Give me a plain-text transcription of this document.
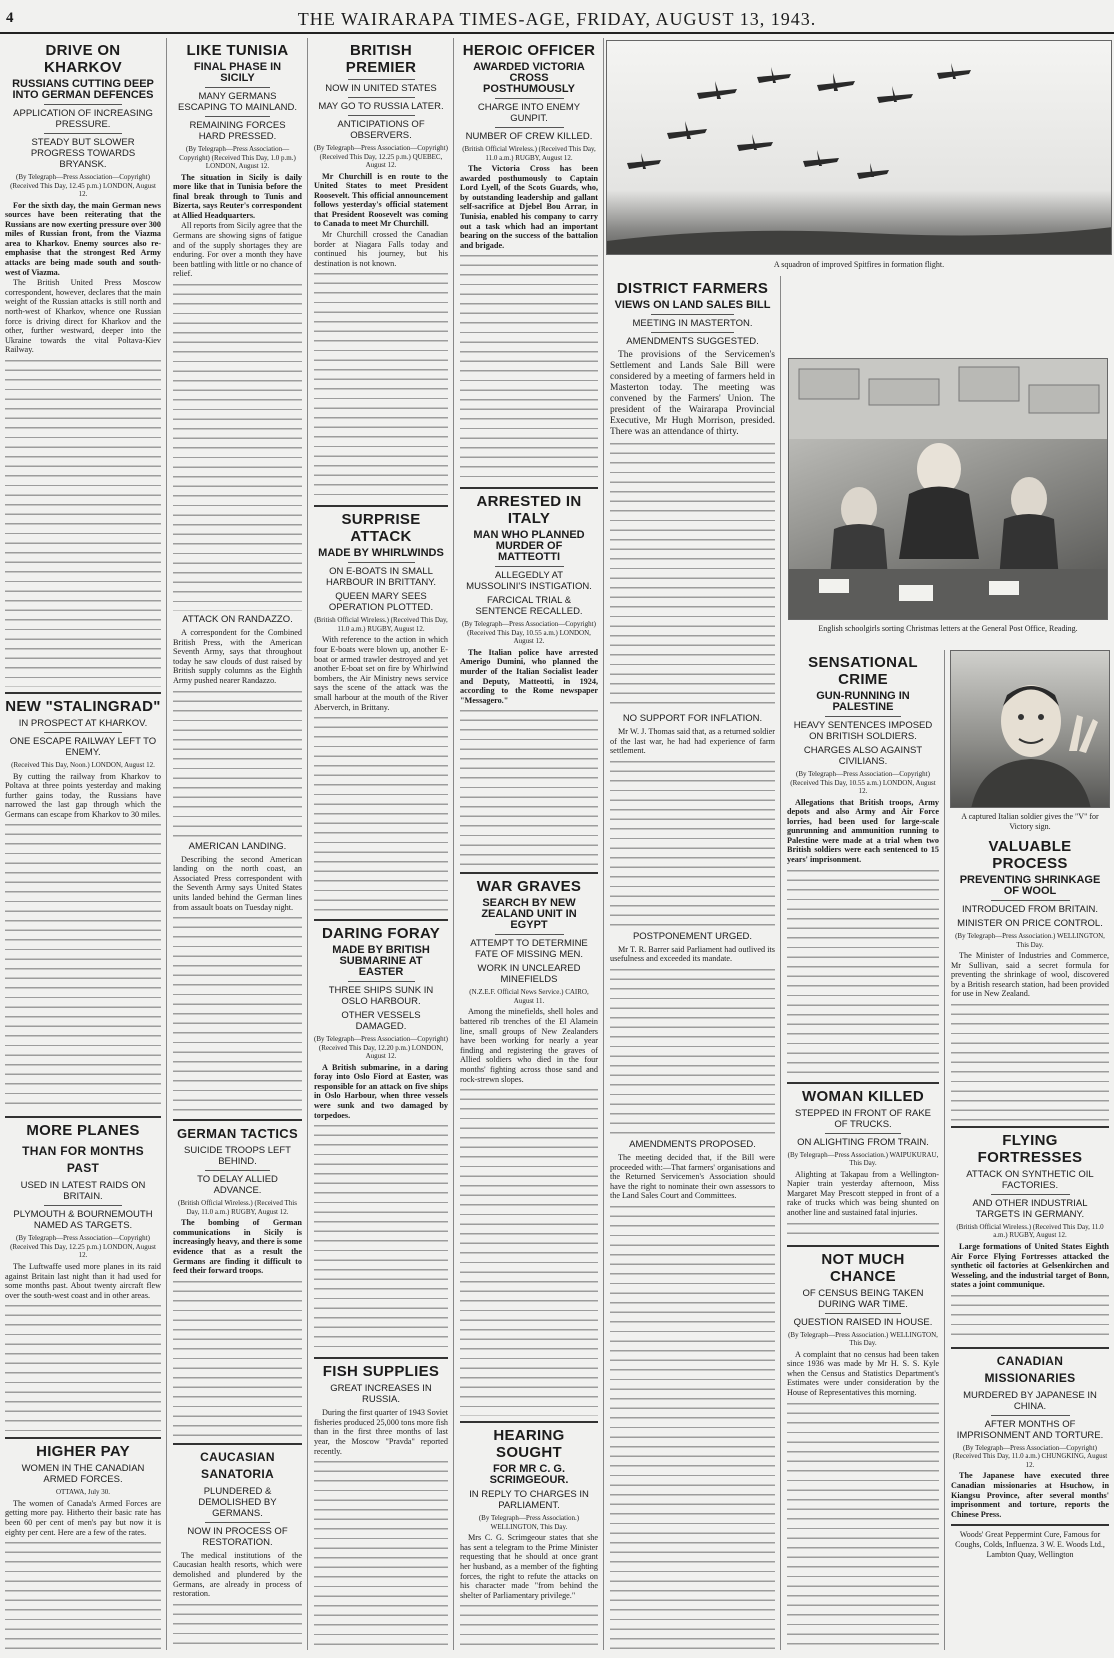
4	THE WAIRARAPA TIMES-AGE, FRIDAY, AUGUST 13, 1943.
DRIVE ON KHARKOV
RUSSIANS CUTTING DEEP INTO GERMAN DEFENCES
APPLICATION OF INCREASING PRESSURE.
STEADY BUT SLOWER PROGRESS TOWARDS BRYANSK.
(By Telegraph—Press Association—Copyright) (Received This Day, 12.45 p.m.) LONDON, August 12.

For the sixth day, the main German news sources have been reiterating that the Russians are now exerting pressure over 300 miles of Russian front, from the Viazma area to Kharkov. Enemy sources also re-emphasise that the strongest Red Army attacks are being made south and south-west of Viazma.

The British United Press Moscow correspondent, however, declares that the main weight of the Russian attacks is still north and north-west of Kharkov, whence one Russian force is driving direct for Kharkov and the other, further westward, deeper into the Ukraine towards the vital Poltava-Kiev Railway.

NEW "STALINGRAD"
IN PROSPECT AT KHARKOV.
ONE ESCAPE RAILWAY LEFT TO ENEMY.
(Received This Day, Noon.) LONDON, August 12.

By cutting the railway from Kharkov to Poltava at three points yesterday and making further gains today, the Russians have narrowed the last gap through which the Germans can escape from Kharkov to 30 miles.

MORE PLANES
THAN FOR MONTHS PAST
USED IN LATEST RAIDS ON BRITAIN.
PLYMOUTH & BOURNEMOUTH NAMED AS TARGETS.
(By Telegraph—Press Association—Copyright) (Received This Day, 12.25 p.m.) LONDON, August 12.

The Luftwaffe used more planes in its raid against Britain last night than it had used for some months past. About twenty aircraft flew over the south-west coast and in other areas.

HIGHER PAY
WOMEN IN THE CANADIAN ARMED FORCES.
OTTAWA, July 30.

The women of Canada's Armed Forces are getting more pay. Hitherto their basic rate has been 60 per cent of men's pay but now it is eighty per cent. Here are a few of the rates.

LIKE TUNISIA
FINAL PHASE IN SICILY
MANY GERMANS ESCAPING TO MAINLAND.
REMAINING FORCES HARD PRESSED.
(By Telegraph—Press Association—Copyright) (Received This Day, 1.0 p.m.) LONDON, August 12.

The situation in Sicily is daily more like that in Tunisia before the final break through to Tunis and Bizerta, says Reuter's correspondent at Allied Headquarters.

All reports from Sicily agree that the Germans are showing signs of fatigue and of the supply shortages they are enduring. For over a month they have been battling with little or no chance of relief.

ATTACK ON RANDAZZO.

A correspondent for the Combined British Press, with the American Seventh Army, says that throughout today he saw clouds of dust raised by British supply columns as the Eighth Army pushed nearer Randazzo.

AMERICAN LANDING.

Describing the second American landing on the north coast, an Associated Press correspondent with the Seventh Army says United States units landed behind the German lines from assault boats on Tuesday night.

GERMAN TACTICS
SUICIDE TROOPS LEFT BEHIND.
TO DELAY ALLIED ADVANCE.
(British Official Wireless.) (Received This Day, 11.0 a.m.) RUGBY, August 12.

The bombing of German communications in Sicily is increasingly heavy, and there is some evidence that as a result the Germans are finding it difficult to feed their forward troops.

CAUCASIAN SANATORIA
PLUNDERED & DEMOLISHED BY GERMANS.
NOW IN PROCESS OF RESTORATION.

The medical institutions of the Caucasian health resorts, which were demolished and plundered by the Germans, are already in process of restoration.

BRITISH PREMIER
NOW IN UNITED STATES
MAY GO TO RUSSIA LATER.
ANTICIPATIONS OF OBSERVERS.
(By Telegraph—Press Association—Copyright) (Received This Day, 12.25 p.m.) QUEBEC, August 12.

Mr Churchill is en route to the United States to meet President Roosevelt. This official announcement follows yesterday's official statement that President Roosevelt was coming to Canada to meet Mr Churchill.

Mr Churchill crossed the Canadian border at Niagara Falls today and continued his journey, but his destination is not known.

SURPRISE ATTACK
MADE BY WHIRLWINDS
ON E-BOATS IN SMALL HARBOUR IN BRITTANY.
QUEEN MARY SEES OPERATION PLOTTED.
(British Official Wireless.) (Received This Day, 11.0 a.m.) RUGBY, August 12.

With reference to the action in which four E-boats were blown up, another E-boat or armed trawler destroyed and yet another E-boat set on fire by Whirlwind bombers, the Air Ministry news service says the scene of the attack was the small harbour at the mouth of the River Aberverch, in Brittany.

DARING FORAY
MADE BY BRITISH SUBMARINE AT EASTER
THREE SHIPS SUNK IN OSLO HARBOUR.
OTHER VESSELS DAMAGED.
(By Telegraph—Press Association—Copyright) (Received This Day, 12.20 p.m.) LONDON, August 12.

A British submarine, in a daring foray into Oslo Fiord at Easter, was responsible for an attack on five ships in Oslo Harbour, when three vessels were sunk and two damaged by torpedoes.

FISH SUPPLIES
GREAT INCREASES IN RUSSIA.

During the first quarter of 1943 Soviet fisheries produced 25,000 tons more fish than in the first three months of last year, the Moscow "Pravda" reported recently.

HEROIC OFFICER
AWARDED VICTORIA CROSS POSTHUMOUSLY
CHARGE INTO ENEMY GUNPIT.
NUMBER OF CREW KILLED.
(British Official Wireless.) (Received This Day, 11.0 a.m.) RUGBY, August 12.

The Victoria Cross has been awarded posthumously to Captain Lord Lyell, of the Scots Guards, who, by outstanding leadership and gallant self-sacrifice at Djebel Bou Arrar, in Tunisia, enabled his company to carry out a task which had an important bearing on the success of the battalion and brigade.

ARRESTED IN ITALY
MAN WHO PLANNED MURDER OF MATTEOTTI
ALLEGEDLY AT MUSSOLINI'S INSTIGATION.
FARCICAL TRIAL & SENTENCE RECALLED.
(By Telegraph—Press Association—Copyright) (Received This Day, 10.55 a.m.) LONDON, August 12.

The Italian police have arrested Amerigo Dumini, who planned the murder of the Italian Socialist leader and Deputy, Matteotti, in 1924, according to the Rome newspaper "Messagero."

WAR GRAVES
SEARCH BY NEW ZEALAND UNIT IN EGYPT
ATTEMPT TO DETERMINE FATE OF MISSING MEN.
WORK IN UNCLEARED MINEFIELDS
(N.Z.E.F. Official News Service.) CAIRO, August 11.

Among the minefields, shell holes and battered rib trenches of the El Alamein line, small groups of New Zealanders have been working for nearly a year finding and registering the graves of Allied soldiers who died in the four months' fighting across those sand and rock-strewn slopes.

HEARING SOUGHT
FOR MR C. G. SCRIMGEOUR.
IN REPLY TO CHARGES IN PARLIAMENT.
(By Telegraph—Press Association.) WELLINGTON, This Day.

Mrs C. G. Scrimgeour states that she has sent a telegram to the Prime Minister requesting that he should at once grant her husband, as a member of the fighting forces, the right to refute the attacks on his character made "from behind the shelter of Parliamentary privilege."

A squadron of improved Spitfires in formation flight.
DISTRICT FARMERS
VIEWS ON LAND SALES BILL
MEETING IN MASTERTON.
AMENDMENTS SUGGESTED.

The provisions of the Servicemen's Settlement and Lands Sale Bill were considered by a meeting of farmers held in Masterton today. The meeting was convened by the Farmers' Union. The president of the Wairarapa Provincial Executive, Mr Hugh Morrison, presided. There was an attendance of thirty.

NO SUPPORT FOR INFLATION.

Mr W. J. Thomas said that, as a returned soldier of the last war, he had had experience of farm settlement.

POSTPONEMENT URGED.

Mr T. R. Barrer said Parliament had outlived its usefulness and exceeded its mandate.

AMENDMENTS PROPOSED.

The meeting decided that, if the Bill were proceeded with:—That farmers' organisations and the Returned Servicemen's Association should have the right to nominate their own assessors to the Land Sales Court and Committees.

English schoolgirls sorting Christmas letters at the General Post Office, Reading.
SENSATIONAL CRIME
GUN-RUNNING IN PALESTINE
HEAVY SENTENCES IMPOSED ON BRITISH SOLDIERS.
CHARGES ALSO AGAINST CIVILIANS.
(By Telegraph—Press Association—Copyright) (Received This Day, 10.55 a.m.) LONDON, August 12.

Allegations that British troops, Army depots and also Army and Air Force lorries, had been used for large-scale gunrunning and ammunition running to Palestine were made at a trial when two British soldiers were each sentenced to 15 years' imprisonment.

WOMAN KILLED
STEPPED IN FRONT OF RAKE OF TRUCKS.
ON ALIGHTING FROM TRAIN.
(By Telegraph—Press Association.) WAIPUKURAU, This Day.

Alighting at Takapau from a Wellington-Napier train yesterday afternoon, Miss Margaret May Prescott stepped in front of a rake of trucks which was being shunted on another line and sustained fatal injuries.

NOT MUCH CHANCE
OF CENSUS BEING TAKEN DURING WAR TIME.
QUESTION RAISED IN HOUSE.
(By Telegraph—Press Association.) WELLINGTON, This Day.

A complaint that no census had been taken since 1936 was made by Mr H. S. S. Kyle when the Census and Statistics Department's Estimates were under consideration by the House of Representatives this morning.

A captured Italian soldier gives the "V" for Victory sign.
VALUABLE PROCESS
PREVENTING SHRINKAGE OF WOOL
INTRODUCED FROM BRITAIN.
MINISTER ON PRICE CONTROL.
(By Telegraph—Press Association.) WELLINGTON, This Day.

The Minister of Industries and Commerce, Mr Sullivan, said a secret formula for preventing the shrinkage of wool, discovered by a British research station, had been provided for use in New Zealand.

FLYING FORTRESSES
ATTACK ON SYNTHETIC OIL FACTORIES.
AND OTHER INDUSTRIAL TARGETS IN GERMANY.
(British Official Wireless.) (Received This Day, 11.0 a.m.) RUGBY, August 12.

Large formations of United States Eighth Air Force Flying Fortresses attacked the synthetic oil factories at Gelsenkirchen and Wesseling, and the industrial target of Bonn, states a joint communique.

CANADIAN MISSIONARIES
MURDERED BY JAPANESE IN CHINA.
AFTER MONTHS OF IMPRISONMENT AND TORTURE.
(By Telegraph—Press Association—Copyright) (Received This Day, 11.0 a.m.) CHUNGKING, August 12.

The Japanese have executed three Canadian missionaries at Hsuchow, in Kiangsu Province, after several months' imprisonment and torture, reports the Chinese Press.

Woods' Great Peppermint Cure, Famous for Coughs, Colds, Influenza. 3 W. E. Woods Ltd., Lambton Quay, Wellington
